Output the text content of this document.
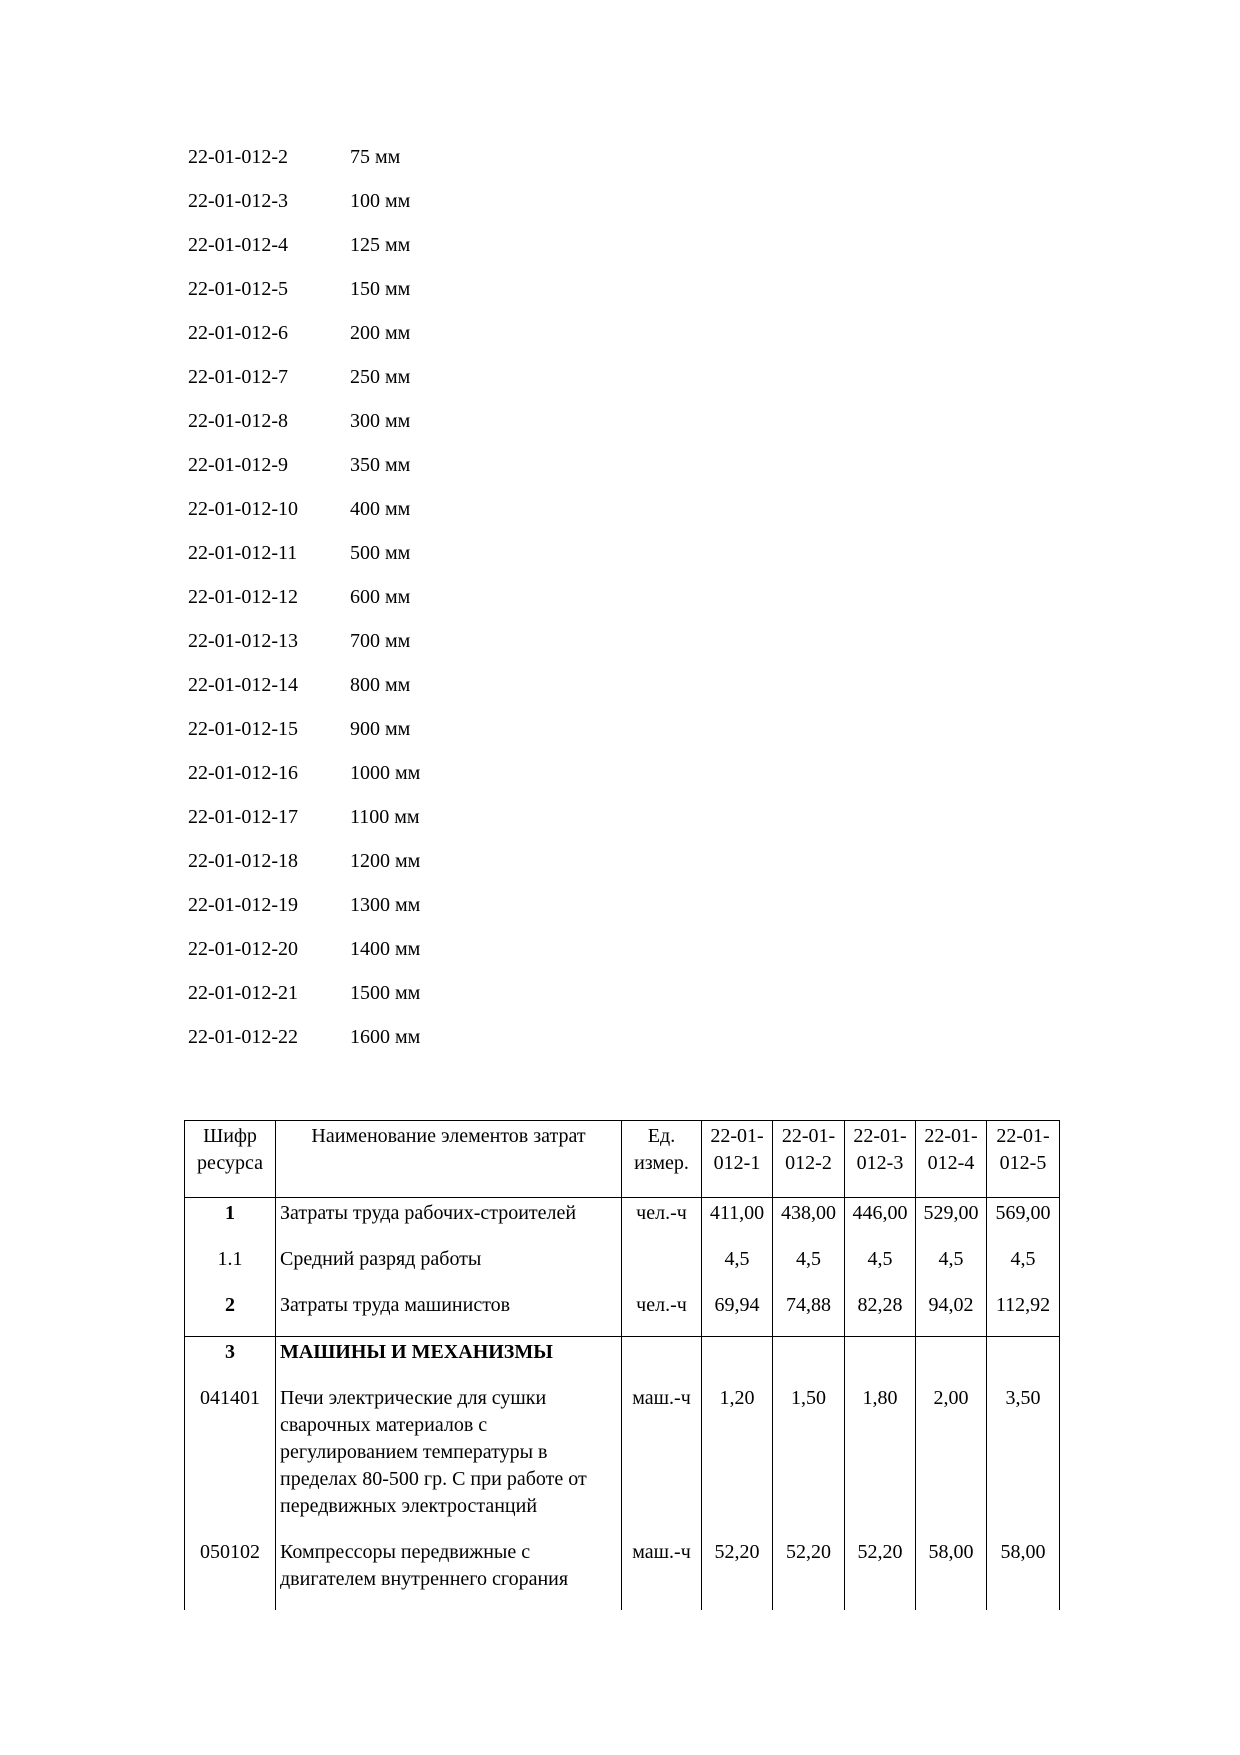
22-01-012-2	75 мм
22-01-012-3	100 мм
22-01-012-4	125 мм
22-01-012-5	150 мм
22-01-012-6	200 мм
22-01-012-7	250 мм
22-01-012-8	300 мм
22-01-012-9	350 мм
22-01-012-10	400 мм
22-01-012-11	500 мм
22-01-012-12	600 мм
22-01-012-13	700 мм
22-01-012-14	800 мм
22-01-012-15	900 мм
22-01-012-16	1000 мм
22-01-012-17	1100 мм
22-01-012-18	1200 мм
22-01-012-19	1300 мм
22-01-012-20	1400 мм
22-01-012-21	1500 мм
22-01-012-22	1600 мм
Шифр ресурса	Наименование элементов затрат	Ед. измер.	22-01-012-1	22-01-012-2	22-01-012-3	22-01-012-4	22-01-012-5
1	Затраты труда рабочих-строителей	чел.-ч	411,00	438,00	446,00	529,00	569,00
1.1	Средний разряд работы		4,5	4,5	4,5	4,5	4,5
2	Затраты труда машинистов	чел.-ч	69,94	74,88	82,28	94,02	112,92
3	МАШИНЫ И МЕХАНИЗМЫ						
041401	Печи электрические для сушки сварочных материалов с регулированием температуры в пределах 80-500 гр. С при работе от передвижных электростанций	маш.-ч	1,20	1,50	1,80	2,00	3,50
050102	Компрессоры передвижные с двигателем внутреннего сгорания	маш.-ч	52,20	52,20	52,20	58,00	58,00
